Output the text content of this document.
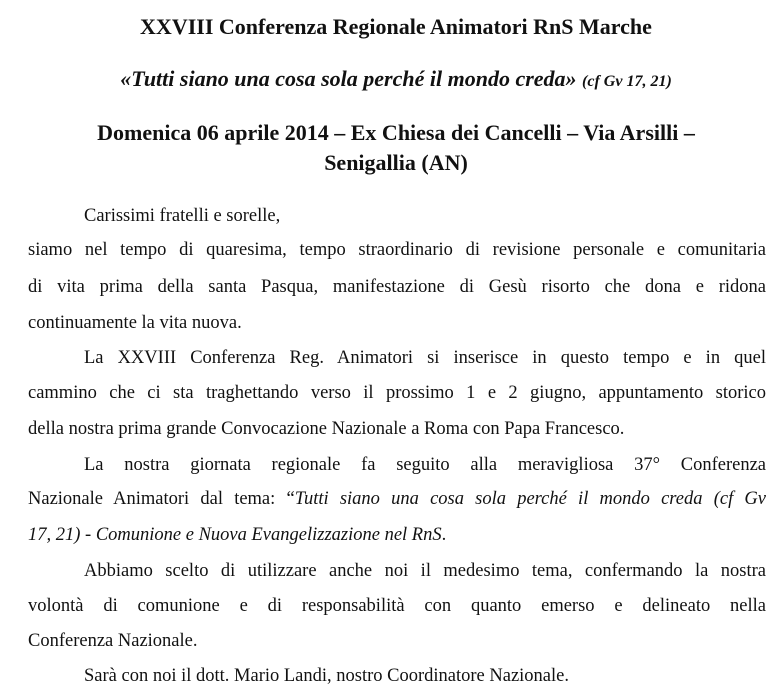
XXVIII Conferenza Regionale Animatori RnS Marche
«Tutti siano una cosa sola perché il mondo creda» (cf Gv 17, 21)
Domenica 06 aprile 2014 – Ex Chiesa dei Cancelli – Via Arsilli –
Senigallia (AN)
Carissimi fratelli e sorelle,
siamo nel tempo di quaresima, tempo straordinario di revisione personale e comunitaria
di vita prima della santa Pasqua, manifestazione di Gesù risorto che dona e ridona
continuamente la vita nuova.
La XXVIII Conferenza Reg. Animatori si inserisce in questo tempo e in quel
cammino che ci sta traghettando verso il prossimo 1 e 2 giugno, appuntamento storico
della nostra prima grande Convocazione Nazionale a Roma con Papa Francesco.
La nostra giornata regionale fa seguito alla meravigliosa 37° Conferenza
Nazionale Animatori dal tema: “Tutti siano una cosa sola perché il mondo creda (cf Gv
17, 21) - Comunione e Nuova Evangelizzazione nel RnS.
Abbiamo scelto di utilizzare anche noi il medesimo tema, confermando la nostra
volontà di comunione e di responsabilità con quanto emerso e delineato nella
Conferenza Nazionale.
Sarà con noi il dott. Mario Landi, nostro Coordinatore Nazionale.
